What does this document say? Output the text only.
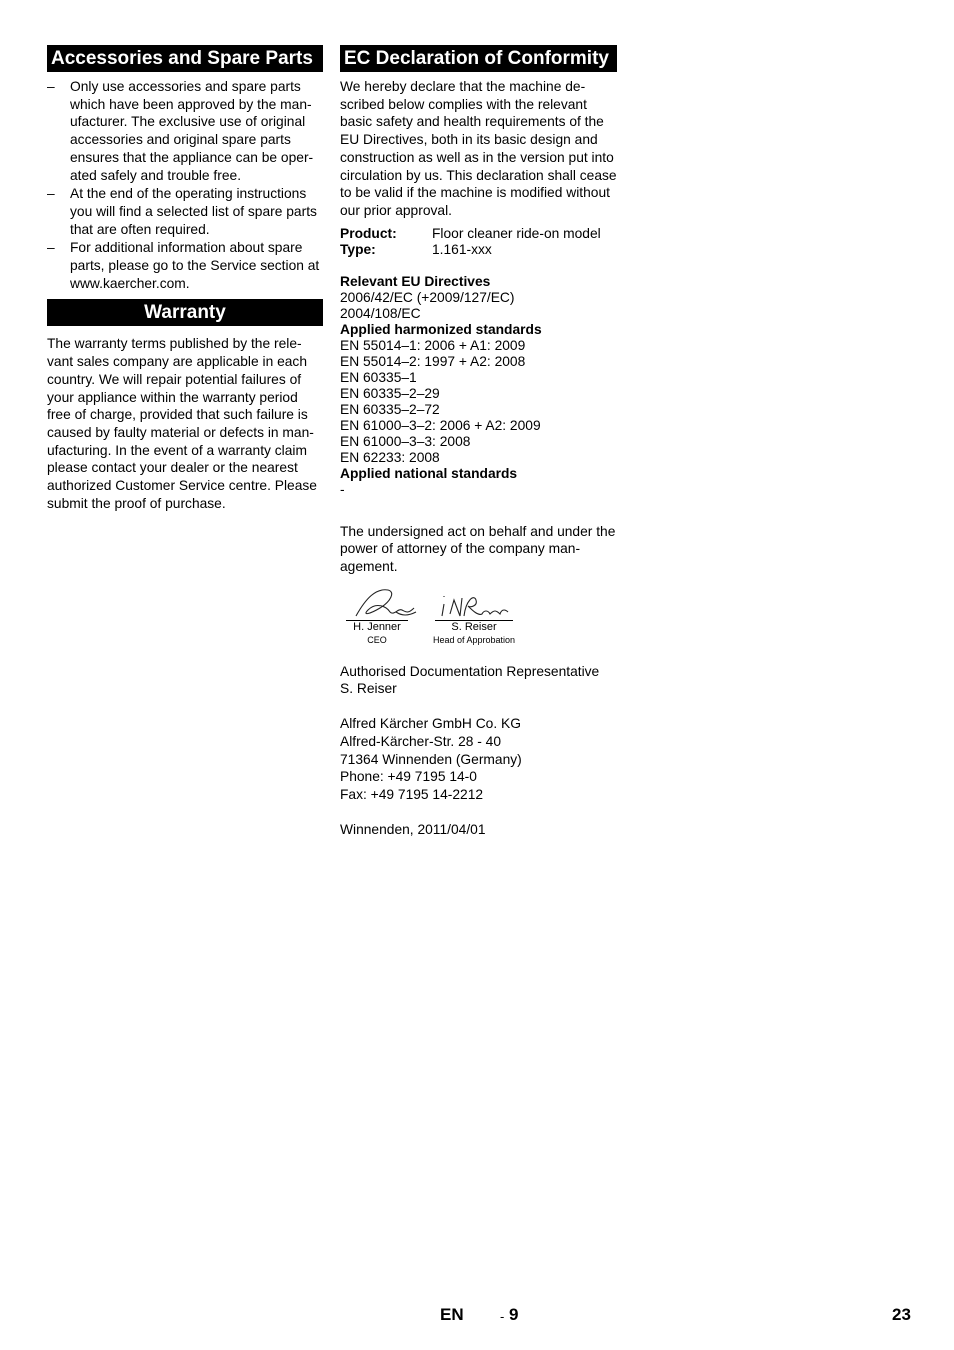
Accessories and Spare Parts
– Only use accessories and spare parts which have been approved by the man-ufacturer. The exclusive use of original accessories and original spare parts ensures that the appliance can be oper-ated safely and trouble free.
– At the end of the operating instructions you will find a selected list of spare parts that are often required.
– For additional information about spare parts, please go to the Service section at www.kaercher.com.
Warranty

The warranty terms published by the rele-vant sales company are applicable in each country. We will repair potential failures of your appliance within the warranty period free of charge, provided that such failure is caused by faulty material or defects in man-ufacturing. In the event of a warranty claim please contact your dealer or the nearest authorized Customer Service centre. Please submit the proof of purchase.

EC Declaration of Conformity

We hereby declare that the machine de-scribed below complies with the relevant basic safety and health requirements of the EU Directives, both in its basic design and construction as well as in the version put into circulation by us. This declaration shall cease to be valid if the machine is modified without our prior approval.

Product:	Floor cleaner ride-on model
Type:	1.161-xxx
Relevant EU Directives
2006/42/EC (+2009/127/EC)
2004/108/EC
Applied harmonized standards
EN 55014–1: 2006 + A1: 2009
EN 55014–2: 1997 + A2: 2008
EN 60335–1
EN 60335–2–29
EN 60335–2–72
EN 61000–3–2: 2006 + A2: 2009
EN 61000–3–3: 2008
EN 62233: 2008
Applied national standards
-

The undersigned act on behalf and under the power of attorney of the company man-agement.

H. Jenner
CEO
S. Reiser
Head of Approbation
Authorised Documentation Representative
S. Reiser
Alfred Kärcher GmbH Co. KG
Alfred-Kärcher-Str. 28 - 40
71364 Winnenden (Germany)
Phone: +49 7195 14-0
Fax: +49 7195 14-2212
Winnenden, 2011/04/01
EN	- 9	23
